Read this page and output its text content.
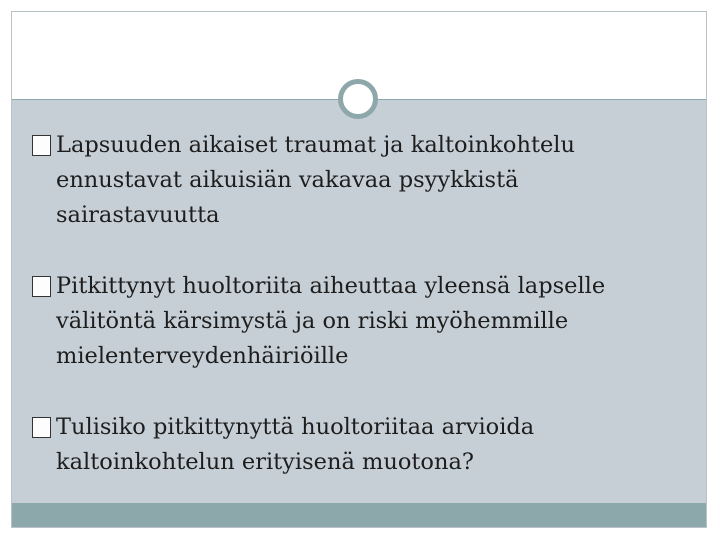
Lapsuuden aikaiset traumat ja kaltoinkohtelu ennustavat aikuisiän vakavaa psyykkistä sairastavuutta
Pitkittynyt huoltoriita aiheuttaa yleensä lapselle välitöntä kärsimystä ja on riski myöhemmille mielenterveydenhäiriöille
Tulisiko pitkittynyttä huoltoriitaa arvioida kaltoinkohtelun erityisenä muotona?
